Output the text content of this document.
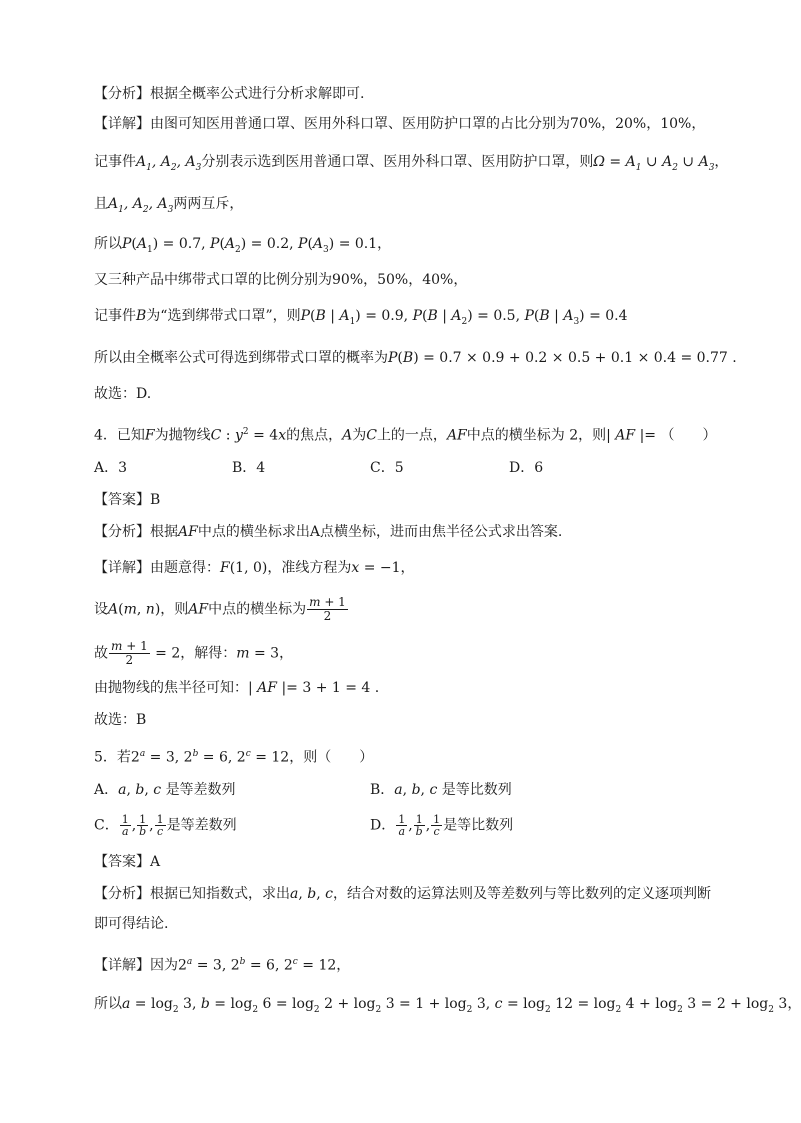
【分析】根据全概率公式进行分析求解即可.
【详解】由图可知医用普通口罩、医用外科口罩、医用防护口罩的占比分别为70%，20%，10%，
记事件$A_1$, $A_2$, $A_3$分别表示选到医用普通口罩、医用外科口罩、医用防护口罩，则$\Omega = A_1$ ∪ $A_2$ ∪ $A_3$，
且$A_1$, $A_2$, $A_3$两两互斥，
所以$P(A_1) = 0.7$, $P(A_2) = 0.2$, $P(A_3) = 0.1$，
又三种产品中绑带式口罩的比例分别为90%，50%，40%，
记事件B为“选到绑带式口罩”，则P(B | $A_1) = 0.9$, P(B | $A_2) = 0.5$, P(B | $A_3) = 0.4$
所以由全概率公式可得选到绑带式口罩的概率为P(B) = 0.7 × 0.9 + 0.2 × 0.5 + 0.1 × 0.4 = 0.77 .
故选：D.
4．已知F为抛物线C : $y^2 = 4x$的焦点，A为C上的一点，AF中点的横坐标为 2，则| AF |= （　　）
A．3	B．4	C．5	D．6
【答案】B
【分析】根据AF中点的横坐标求出A点横坐标，进而由焦半径公式求出答案.
【详解】由题意得：F(1, 0)，准线方程为x = −1，
设A(m, n)，则AF中点的横坐标为 $\frac{m + 1}{2}$
故 $\frac{m + 1}{2} = 2$，解得：m = 3，
由抛物线的焦半径可知：| AF |= 3 + 1 = 4 .
故选：B
5．若$2^a = 3$, $2^b = 6$, $2^c = 12$，则（　　）
A．a, b, c 是等差数列	B．a, b, c 是等比数列
C． $\frac{1}{a}$ , $\frac{1}{b}$ , $\frac{1}{c}$ 是等差数列	D． $\frac{1}{a}$ , $\frac{1}{b}$ , $\frac{1}{c}$ 是等比数列
【答案】A
【分析】根据已知指数式，求出a, b, c，结合对数的运算法则及等差数列与等比数列的定义逐项判断
即可得结论.
【详解】因为$2^a = 3$, $2^b = 6$, $2^c = 12$，
所以$a = \log_2 3$, $b = \log_2 6 = \log_2 2 + \log_2 3 = 1 + \log_2 3$, $c = \log_2 12 = \log_2 4 + \log_2 3 = 2 + \log_2 3$，
